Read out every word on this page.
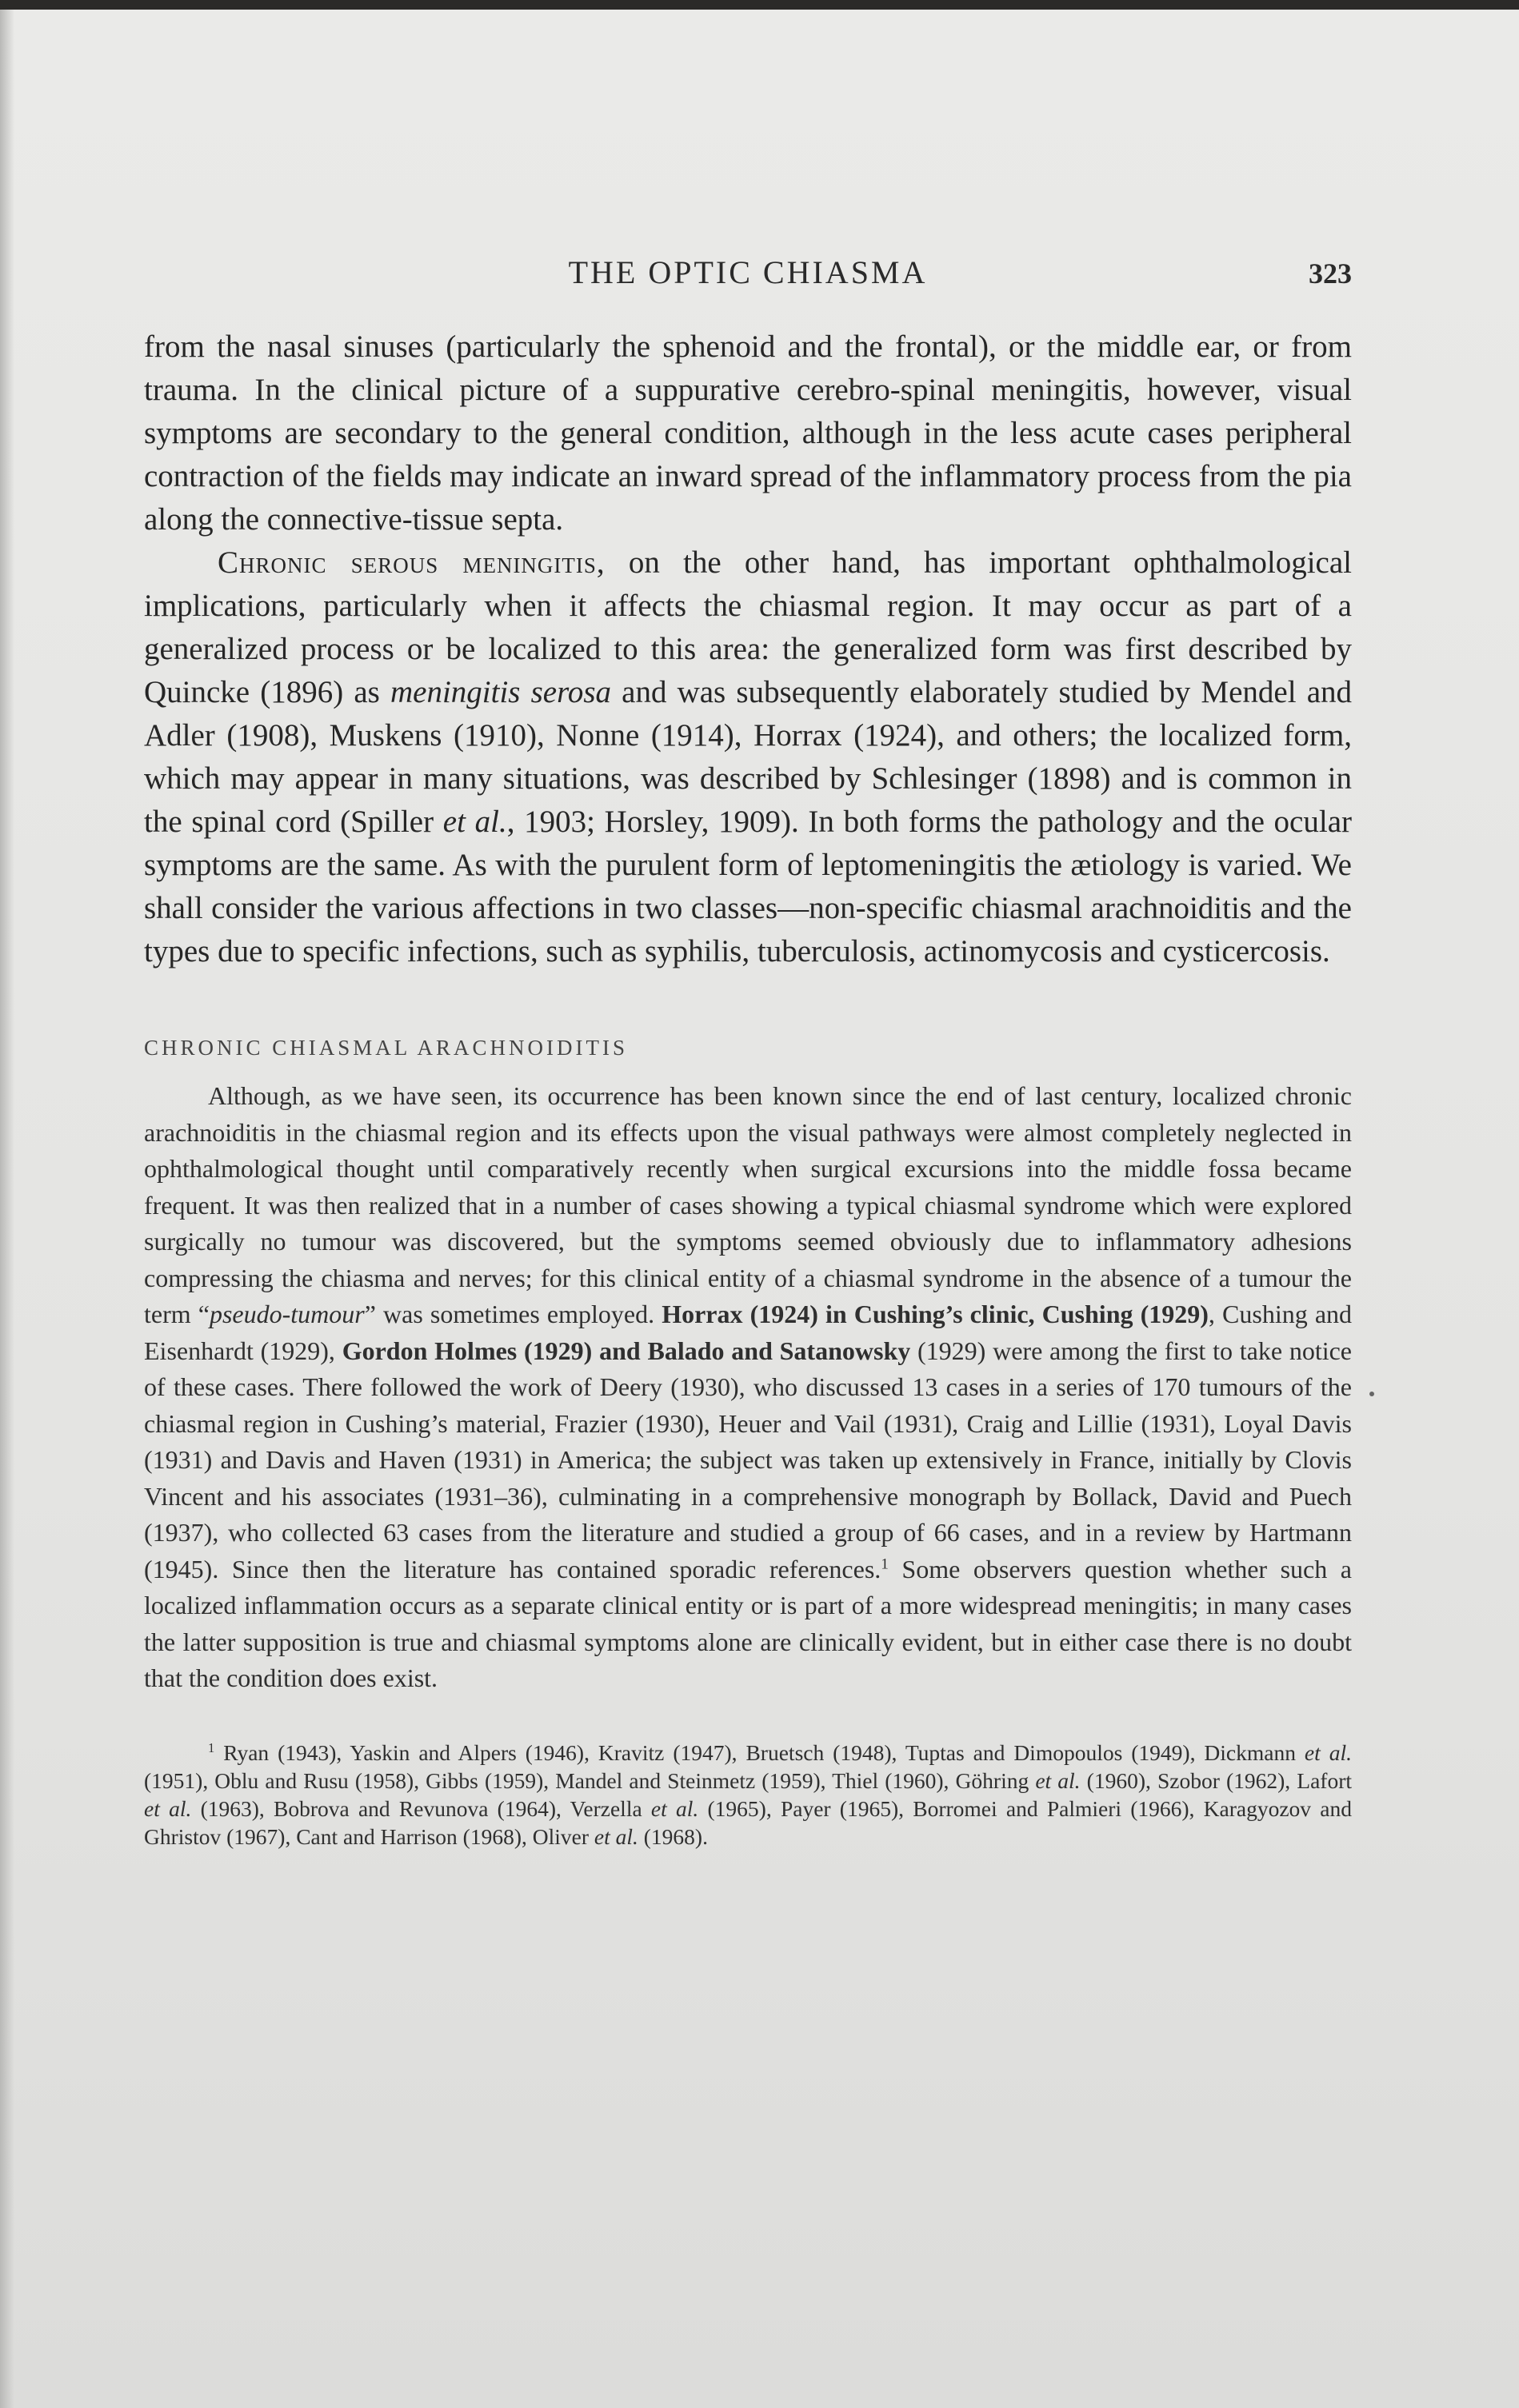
THE OPTIC CHIASMA	323

from the nasal sinuses (particularly the sphenoid and the frontal), or the middle ear, or from trauma. In the clinical picture of a suppurative cerebro-spinal meningitis, however, visual symptoms are secondary to the general condition, although in the less acute cases peripheral contraction of the fields may indicate an inward spread of the inflammatory process from the pia along the connective-tissue septa.

Chronic serous meningitis, on the other hand, has important ophthalmological implications, particularly when it affects the chiasmal region. It may occur as part of a generalized process or be localized to this area: the generalized form was first described by Quincke (1896) as meningitis serosa and was subsequently elaborately studied by Mendel and Adler (1908), Muskens (1910), Nonne (1914), Horrax (1924), and others; the localized form, which may appear in many situations, was described by Schlesinger (1898) and is common in the spinal cord (Spiller et al., 1903; Horsley, 1909). In both forms the pathology and the ocular symptoms are the same. As with the purulent form of leptomeningitis the ætiology is varied. We shall consider the various affections in two classes—non-specific chiasmal arachnoiditis and the types due to specific infections, such as syphilis, tuberculosis, actinomycosis and cysticercosis.

CHRONIC CHIASMAL ARACHNOIDITIS

Although, as we have seen, its occurrence has been known since the end of last century, localized chronic arachnoiditis in the chiasmal region and its effects upon the visual pathways were almost completely neglected in ophthalmological thought until comparatively recently when surgical excursions into the middle fossa became frequent. It was then realized that in a number of cases showing a typical chiasmal syndrome which were explored surgically no tumour was discovered, but the symptoms seemed obviously due to inflammatory adhesions compressing the chiasma and nerves; for this clinical entity of a chiasmal syndrome in the absence of a tumour the term “pseudo-tumour” was sometimes employed. Horrax (1924) in Cushing’s clinic, Cushing (1929), Cushing and Eisenhardt (1929), Gordon Holmes (1929) and Balado and Satanowsky (1929) were among the first to take notice of these cases. There followed the work of Deery (1930), who discussed 13 cases in a series of 170 tumours of the chiasmal region in Cushing’s material, Frazier (1930), Heuer and Vail (1931), Craig and Lillie (1931), Loyal Davis (1931) and Davis and Haven (1931) in America; the subject was taken up extensively in France, initially by Clovis Vincent and his associates (1931–36), culminating in a comprehensive monograph by Bollack, David and Puech (1937), who collected 63 cases from the literature and studied a group of 66 cases, and in a review by Hartmann (1945). Since then the literature has contained sporadic references.$^1$ Some observers question whether such a localized inflammation occurs as a separate clinical entity or is part of a more widespread meningitis; in many cases the latter supposition is true and chiasmal symptoms alone are clinically evident, but in either case there is no doubt that the condition does exist.

$^1$ Ryan (1943), Yaskin and Alpers (1946), Kravitz (1947), Bruetsch (1948), Tuptas and Dimopoulos (1949), Dickmann et al. (1951), Oblu and Rusu (1958), Gibbs (1959), Mandel and Steinmetz (1959), Thiel (1960), Göhring et al. (1960), Szobor (1962), Lafort et al. (1963), Bobrova and Revunova (1964), Verzella et al. (1965), Payer (1965), Borromei and Palmieri (1966), Karagyozov and Ghristov (1967), Cant and Harrison (1968), Oliver et al. (1968).
